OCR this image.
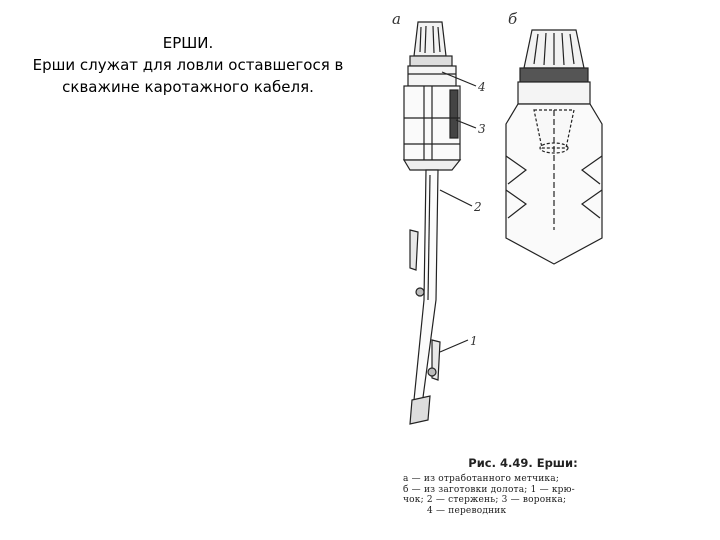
ЕРШИ.
Ерши служат для ловли оставшегося в
скважине каротажного кабеля.
а	б
4
3
2
1
Рис. 4.49. Ерши:
а — из отработанного метчика;
б — из заготовки долота; 1 — крю-
чок; 2 — стержень; 3 — воронка;
4 — переводник
